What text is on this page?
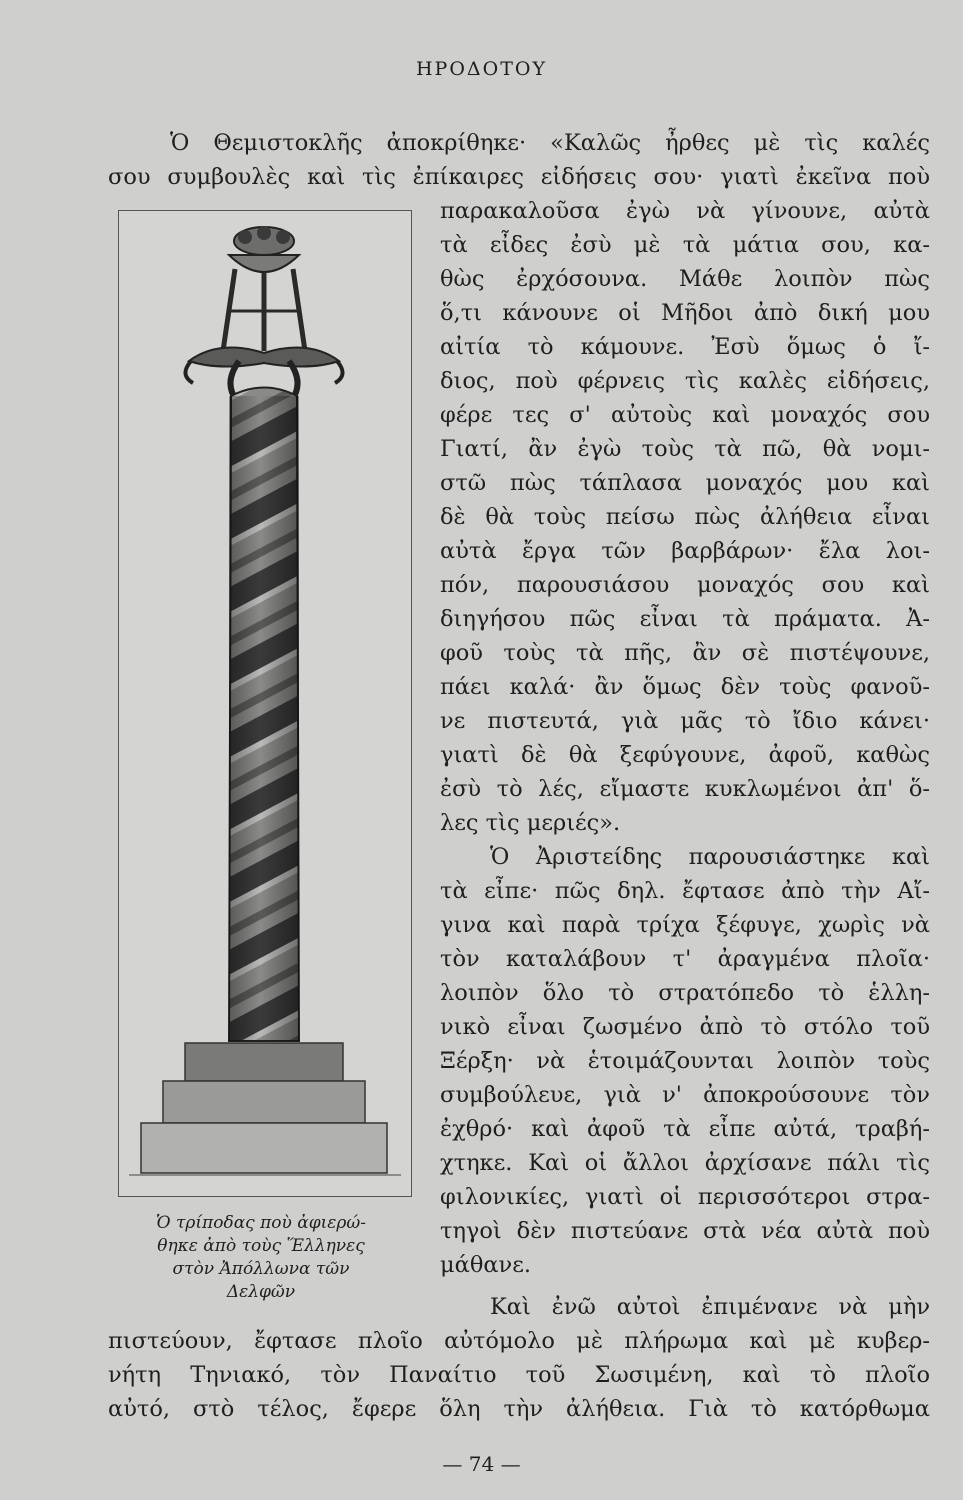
ΗΡΟΔΟΤΟΥ
Ὁ Θεμιστοκλῆς ἀποκρίθηκε· «Καλῶς ἦρθες μὲ τὶς καλές
σου συμβουλὲς καὶ τὶς ἐπίκαιρες εἰδήσεις σου· γιατὶ ἐκεῖνα ποὺ
παρακαλοῦσα ἐγὼ νὰ γίνουνε, αὐτὰ
τὰ εἶδες ἐσὺ μὲ τὰ μάτια σου, κα-
θὼς ἐρχόσουνα. Μάθε λοιπὸν πὼς
ὅ,τι κάνουνε οἱ Μῆδοι ἀπὸ δική μου
αἰτία τὸ κάμουνε. Ἐσὺ ὅμως ὁ ἴ-
διος, ποὺ φέρνεις τὶς καλὲς εἰδήσεις,
φέρε τες σ' αὐτοὺς καὶ μοναχός σου
Γιατί, ἂν ἐγὼ τοὺς τὰ πῶ, θὰ νομι-
στῶ πὼς τάπλασα μοναχός μου καὶ
δὲ θὰ τοὺς πείσω πὼς ἀλήθεια εἶναι
αὐτὰ ἔργα τῶν βαρβάρων· ἔλα λοι-
πόν, παρουσιάσου μοναχός σου καὶ
διηγήσου πῶς εἶναι τὰ πράματα. Ἀ-
φοῦ τοὺς τὰ πῆς, ἂν σὲ πιστέψουνε,
πάει καλά· ἂν ὅμως δὲν τοὺς φανοῦ-
νε πιστευτά, γιὰ μᾶς τὸ ἴδιο κάνει·
γιατὶ δὲ θὰ ξεφύγουνε, ἀφοῦ, καθὼς
ἐσὺ τὸ λές, εἴμαστε κυκλωμένοι ἀπ' ὅ-
λες τὶς μεριές».
Ὁ Ἀριστείδης παρουσιάστηκε καὶ
τὰ εἶπε· πῶς δηλ. ἔφτασε ἀπὸ τὴν Αἴ-
γινα καὶ παρὰ τρίχα ξέφυγε, χωρὶς νὰ
τὸν καταλάβουν τ' ἀραγμένα πλοῖα·
λοιπὸν ὅλο τὸ στρατόπεδο τὸ ἑλλη-
νικὸ εἶναι ζωσμένο ἀπὸ τὸ στόλο τοῦ
Ξέρξη· νὰ ἑτοιμάζουνται λοιπὸν τοὺς
συμβούλευε, γιὰ ν' ἀποκρούσουνε τὸν
ἐχθρό· καὶ ἀφοῦ τὰ εἶπε αὐτά, τραβή-
χτηκε. Καὶ οἱ ἄλλοι ἀρχίσανε πάλι τὶς
φιλονικίες, γιατὶ οἱ περισσότεροι στρα-
τηγοὶ δὲν πιστεύανε στὰ νέα αὐτὰ ποὺ
μάθανε.
Καὶ ἐνῶ αὐτοὶ ἐπιμένανε νὰ μὴν
πιστεύουν, ἔφτασε πλοῖο αὐτόμολο μὲ πλήρωμα καὶ μὲ κυβερ-
νήτη Τηνιακό, τὸν Παναίτιο τοῦ Σωσιμένη, καὶ τὸ πλοῖο
αὐτό, στὸ τέλος, ἔφερε ὅλη τὴν ἀλήθεια. Γιὰ τὸ κατόρθωμα
Ὁ τρίποδας ποὺ ἀφιερώ-
θηκε ἀπὸ τοὺς Ἕλληνες
στὸν Ἀπόλλωνα τῶν
Δελφῶν
— 74 —
